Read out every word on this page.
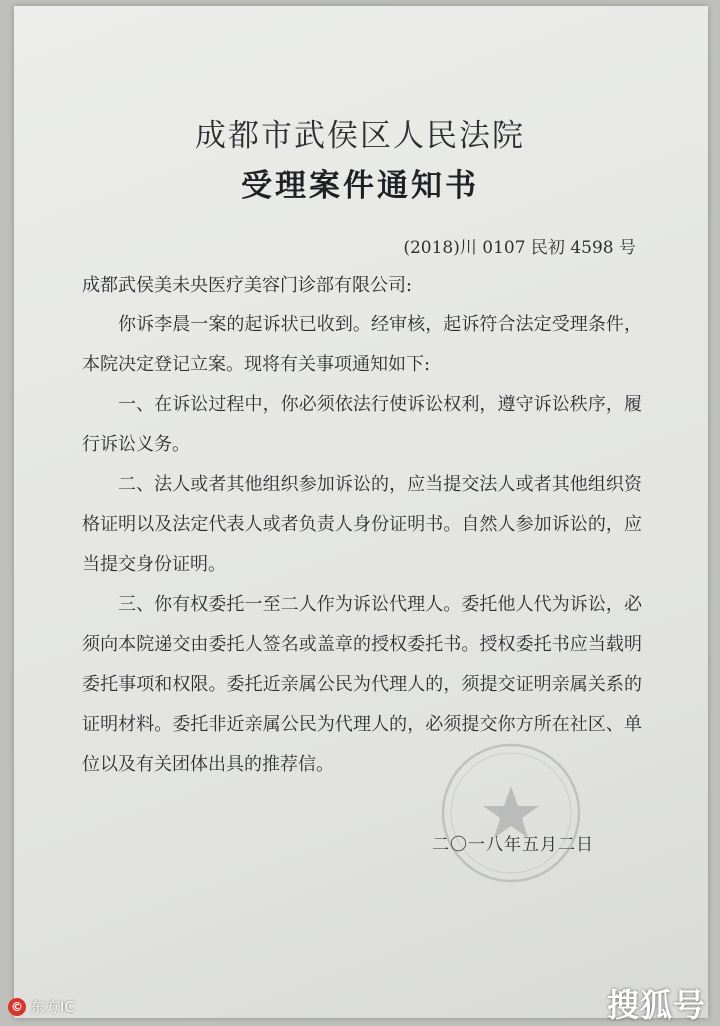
成都市武侯区人民法院
受理案件通知书
(2018)川 0107 民初 4598 号
成都武侯美未央医疗美容门诊部有限公司:

你诉李晨一案的起诉状已收到。经审核，起诉符合法定受理条件，本院决定登记立案。现将有关事项通知如下:

一、在诉讼过程中，你必须依法行使诉讼权利，遵守诉讼秩序，履行诉讼义务。

二、法人或者其他组织参加诉讼的，应当提交法人或者其他组织资格证明以及法定代表人或者负责人身份证明书。自然人参加诉讼的，应当提交身份证明。

三、你有权委托一至二人作为诉讼代理人。委托他人代为诉讼，必须向本院递交由委托人签名或盖章的授权委托书。授权委托书应当载明委托事项和权限。委托近亲属公民为代理人的，须提交证明亲属关系的证明材料。委托非近亲属公民为代理人的，必须提交你方所在社区、单位以及有关团体出具的推荐信。

二〇一八年五月二日
© 东方IC	搜狐号
